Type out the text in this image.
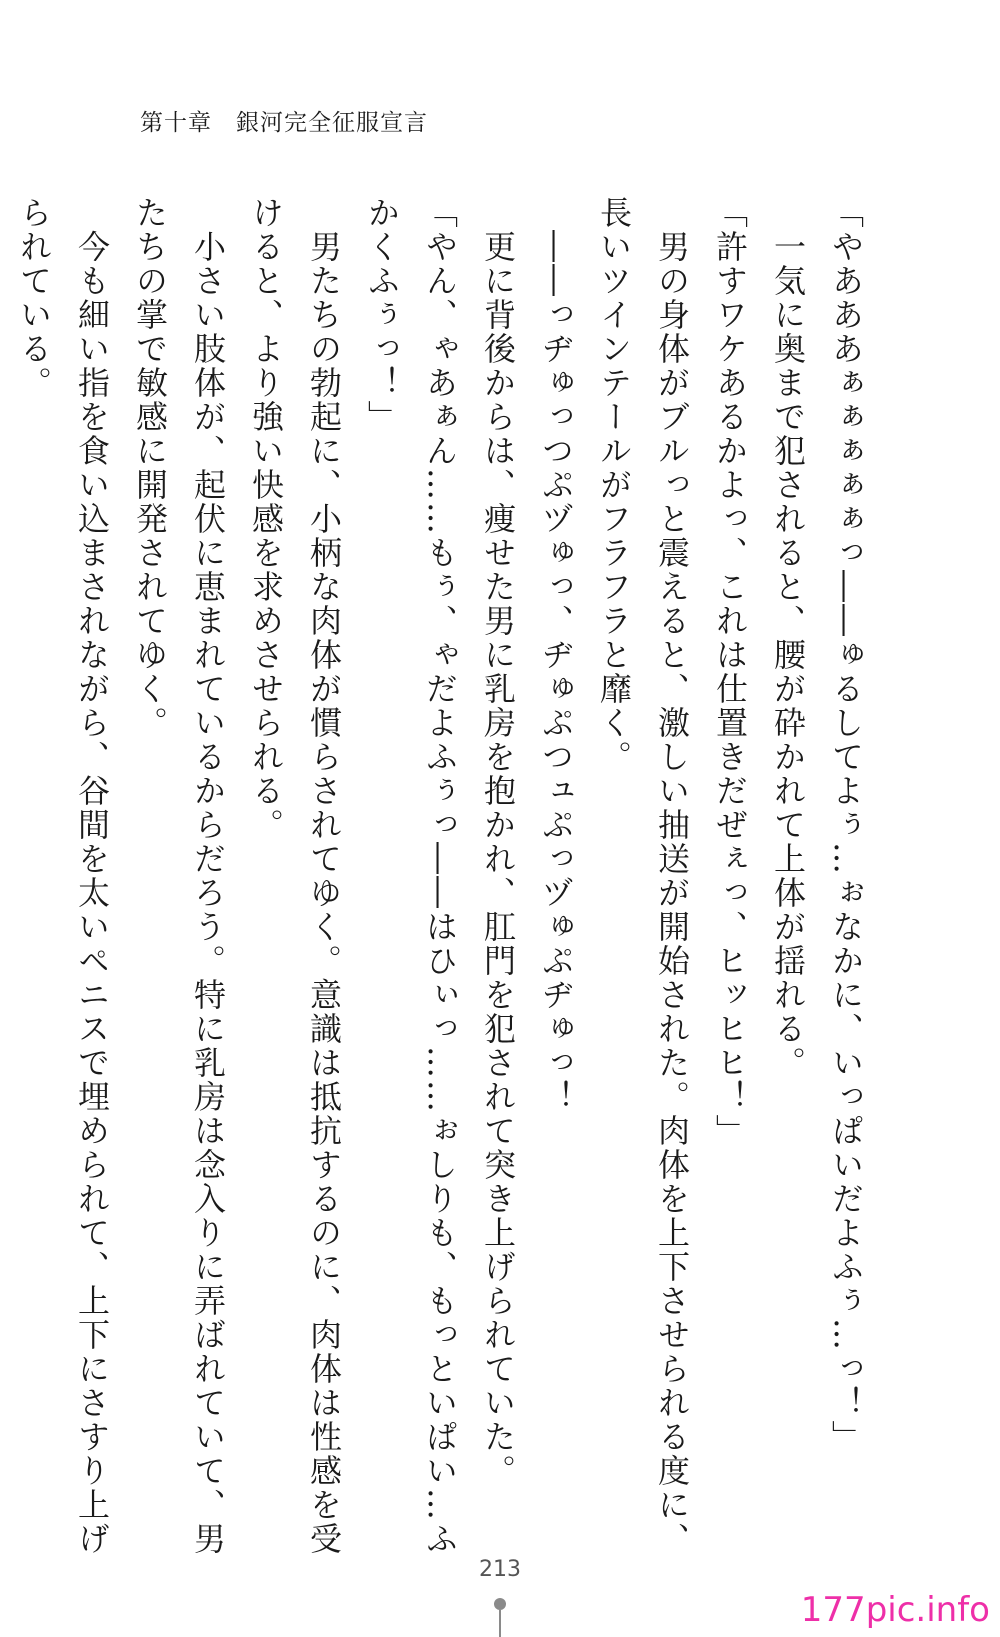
第十章　銀河完全征服宣言

「やあああぁぁぁぁぁっ――ゅるしてよぅ…ぉなかに、いっぱいだよふぅ…っ！」

　一気に奥まで犯されると、腰が砕かれて上体が揺れる。

「許すワケあるかよっ、これは仕置きだぜぇっ、ヒッヒヒ！」

　男の身体がブルっと震えると、激しい抽送が開始された。肉体を上下させられる度に、

長いツインテールがフラフラと靡く。

　――っヂゅっつぷヅゅっ、ヂゅぷつュぷっヅゅぷヂゅっ！

　更に背後からは、痩せた男に乳房を抱かれ、肛門を犯されて突き上げられていた。

「やん、ゃあぁん……もぅ、ゃだよふぅっ――はひぃっ……ぉしりも、もっといぱい…ふ

かくふぅっ！」

　男たちの勃起に、小柄な肉体が慣らされてゆく。意識は抵抗するのに、肉体は性感を受

けると、より強い快感を求めさせられる。

　小さい肢体が、起伏に恵まれているからだろう。特に乳房は念入りに弄ばれていて、男

たちの掌で敏感に開発されてゆく。

　今も細い指を食い込まされながら、谷間を太いペニスで埋められて、上下にさすり上げ

られている。

213
177pic.info
